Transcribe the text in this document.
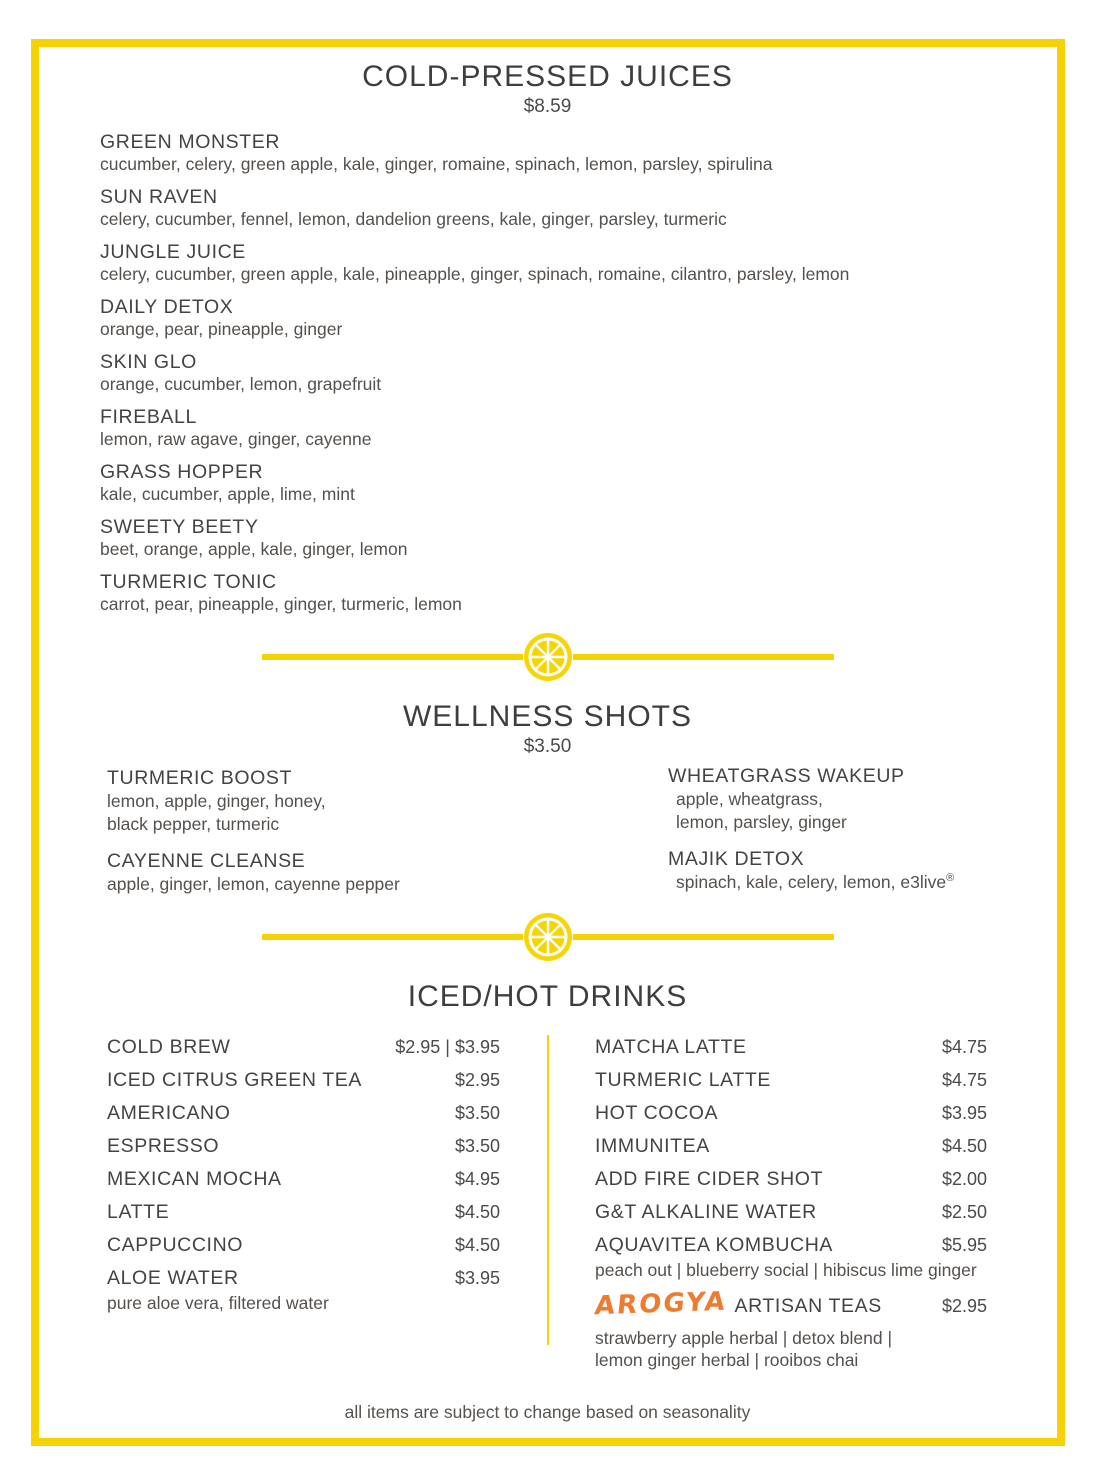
COLD-PRESSED JUICES
$8.59
GREEN MONSTER
cucumber, celery, green apple, kale, ginger, romaine, spinach, lemon, parsley, spirulina
SUN RAVEN
celery, cucumber, fennel, lemon, dandelion greens, kale, ginger, parsley, turmeric
JUNGLE JUICE
celery, cucumber, green apple, kale, pineapple, ginger, spinach, romaine, cilantro, parsley, lemon
DAILY DETOX
orange, pear, pineapple, ginger
SKIN GLO
orange, cucumber, lemon, grapefruit
FIREBALL
lemon, raw agave, ginger, cayenne
GRASS HOPPER
kale, cucumber, apple, lime, mint
SWEETY BEETY
beet, orange, apple, kale, ginger, lemon
TURMERIC TONIC
carrot, pear, pineapple, ginger, turmeric, lemon
WELLNESS SHOTS
$3.50
TURMERIC BOOST
lemon, apple, ginger, honey,
black pepper, turmeric
CAYENNE CLEANSE
apple, ginger, lemon, cayenne pepper
WHEATGRASS WAKEUP
apple, wheatgrass,
lemon, parsley, ginger
MAJIK DETOX
spinach, kale, celery, lemon, e3live®
ICED/HOT DRINKS
COLD BREW	$2.95 | $3.95
ICED CITRUS GREEN TEA	$2.95
AMERICANO	$3.50
ESPRESSO	$3.50
MEXICAN MOCHA	$4.95
LATTE	$4.50
CAPPUCCINO	$4.50
ALOE WATER	$3.95
pure aloe vera, filtered water
MATCHA LATTE	$4.75
TURMERIC LATTE	$4.75
HOT COCOA	$3.95
IMMUNITEA	$4.50
ADD FIRE CIDER SHOT	$2.00
G&T ALKALINE WATER	$2.50
AQUAVITEA KOMBUCHA	$5.95
peach out | blueberry social | hibiscus lime ginger
AROGYA ARTISAN TEAS	$2.95
strawberry apple herbal | detox blend |
lemon ginger herbal | rooibos chai
all items are subject to change based on seasonality
